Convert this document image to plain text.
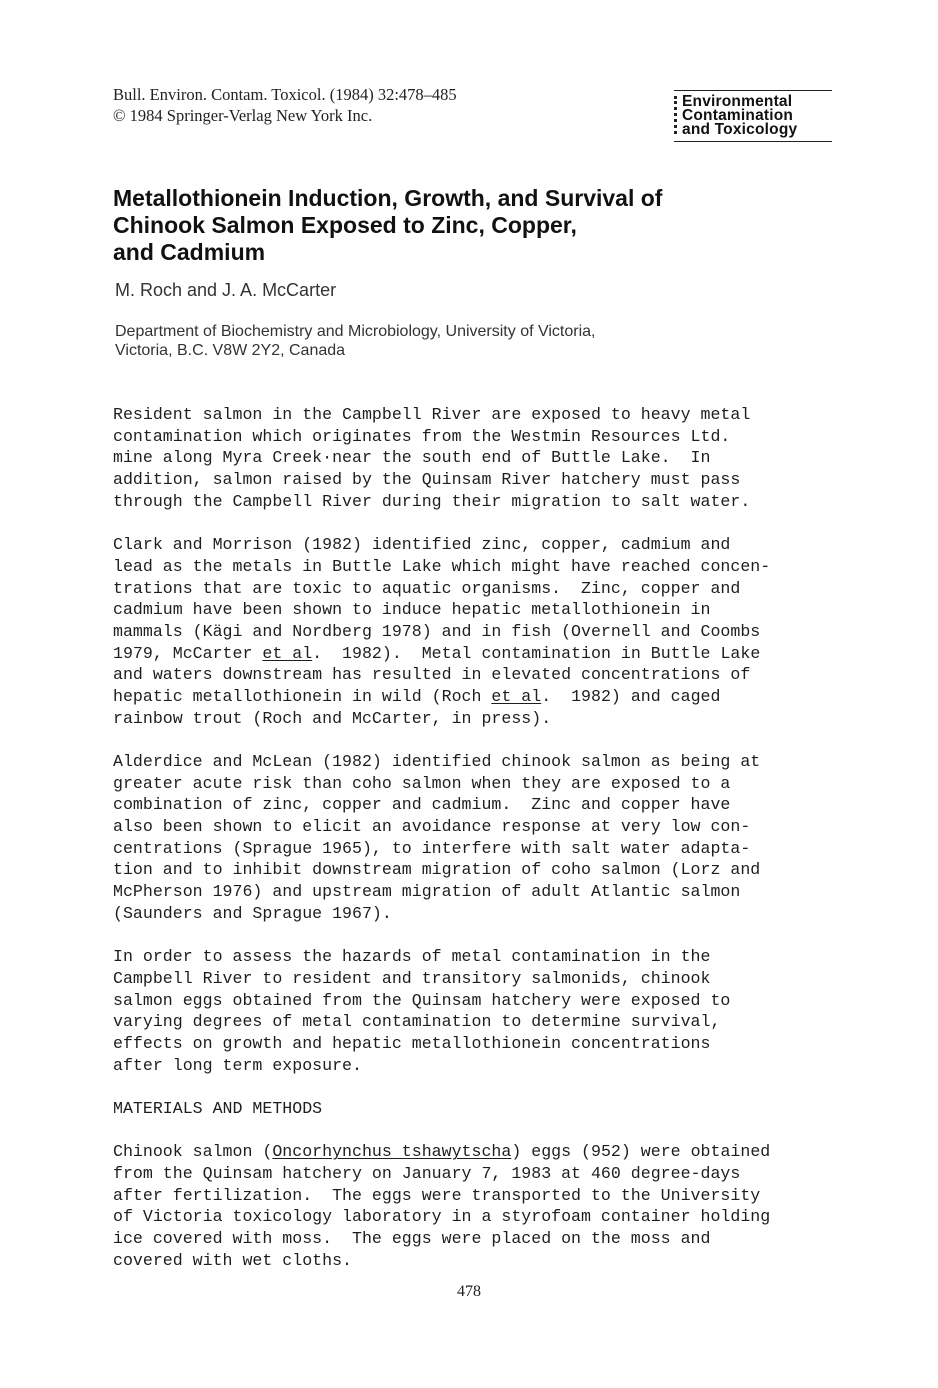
Bull. Environ. Contam. Toxicol. (1984) 32:478–485
© 1984 Springer-Verlag New York Inc.
Environmental
Contamination
and Toxicology
Metallothionein Induction, Growth, and Survival of
Chinook Salmon Exposed to Zinc, Copper,
and Cadmium
M. Roch and J. A. McCarter
Department of Biochemistry and Microbiology, University of Victoria,
Victoria, B.C. V8W 2Y2, Canada
Resident salmon in the Campbell River are exposed to heavy metal
contamination which originates from the Westmin Resources Ltd.
mine along Myra Creek·near the south end of Buttle Lake.  In
addition, salmon raised by the Quinsam River hatchery must pass
through the Campbell River during their migration to salt water.
Clark and Morrison (1982) identified zinc, copper, cadmium and
lead as the metals in Buttle Lake which might have reached concen-
trations that are toxic to aquatic organisms.  Zinc, copper and
cadmium have been shown to induce hepatic metallothionein in
mammals (Kägi and Nordberg 1978) and in fish (Overnell and Coombs
1979, McCarter et al.  1982).  Metal contamination in Buttle Lake
and waters downstream has resulted in elevated concentrations of
hepatic metallothionein in wild (Roch et al.  1982) and caged
rainbow trout (Roch and McCarter, in press).
Alderdice and McLean (1982) identified chinook salmon as being at
greater acute risk than coho salmon when they are exposed to a
combination of zinc, copper and cadmium.  Zinc and copper have
also been shown to elicit an avoidance response at very low con-
centrations (Sprague 1965), to interfere with salt water adapta-
tion and to inhibit downstream migration of coho salmon (Lorz and
McPherson 1976) and upstream migration of adult Atlantic salmon
(Saunders and Sprague 1967).
In order to assess the hazards of metal contamination in the
Campbell River to resident and transitory salmonids, chinook
salmon eggs obtained from the Quinsam hatchery were exposed to
varying degrees of metal contamination to determine survival,
effects on growth and hepatic metallothionein concentrations
after long term exposure.
MATERIALS AND METHODS
Chinook salmon (Oncorhynchus tshawytscha) eggs (952) were obtained
from the Quinsam hatchery on January 7, 1983 at 460 degree-days
after fertilization.  The eggs were transported to the University
of Victoria toxicology laboratory in a styrofoam container holding
ice covered with moss.  The eggs were placed on the moss and
covered with wet cloths.
478
